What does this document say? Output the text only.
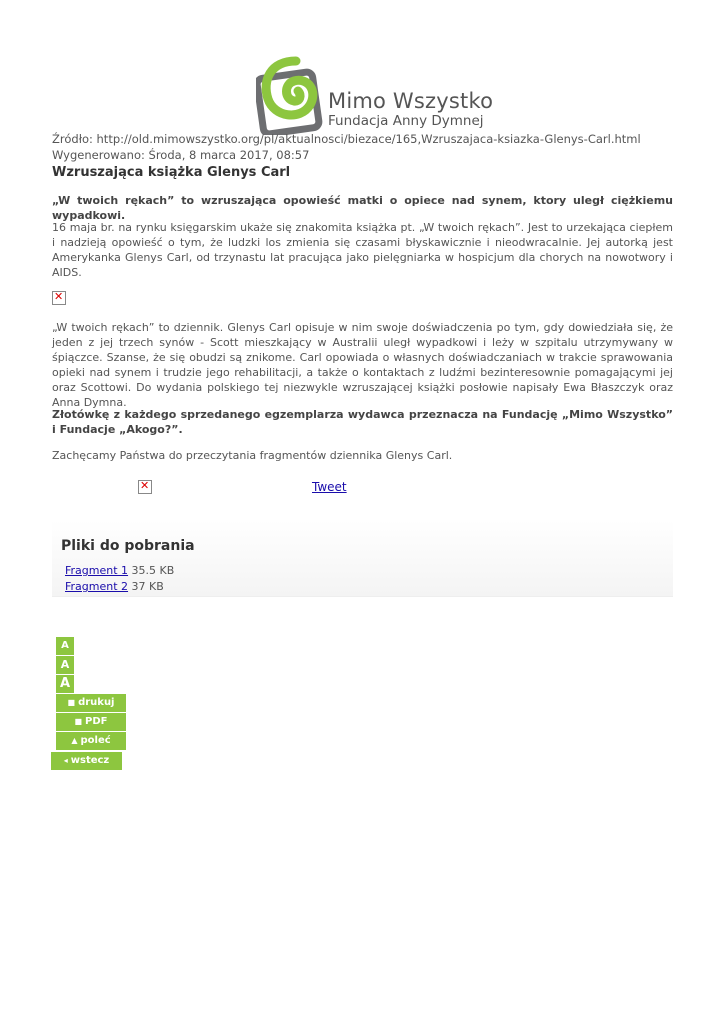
Mimo Wszystko
Fundacja Anny Dymnej
Źródło: http://old.mimowszystko.org/pl/aktualnosci/biezace/165,Wzruszajaca-ksiazka-Glenys-Carl.html
Wygenerowano: Środa, 8 marca 2017, 08:57
Wzruszająca książka Glenys Carl
„W twoich rękach” to wzruszająca opowieść matki o opiece nad synem, ktory uległ ciężkiemu wypadkowi.
16 maja br. na rynku księgarskim ukaże się znakomita książka pt. „W twoich rękach”. Jest to urzekająca ciepłem i nadzieją opowieść o tym, że ludzki los zmienia się czasami błyskawicznie i nieodwracalnie. Jej autorką jest Amerykanka Glenys Carl, od trzynastu lat pracująca jako pielęgniarka w hospicjum dla chorych na nowotwory i AIDS.
✕
„W twoich rękach” to dziennik. Glenys Carl opisuje w nim swoje doświadczenia po tym, gdy dowiedziała się, że jeden z jej trzech synów - Scott mieszkający w Australii uległ wypadkowi i leży w szpitalu utrzymywany w śpiączce. Szanse, że się obudzi są znikome. Carl opowiada o własnych doświadczaniach w trakcie sprawowania opieki nad synem i trudzie jego rehabilitacji, a także o kontaktach z ludźmi bezinteresownie pomagającymi jej oraz Scottowi. Do wydania polskiego tej niezwykle wzruszającej książki posłowie napisały Ewa Błaszczyk oraz Anna Dymna.
Złotówkę z każdego sprzedanego egzemplarza wydawca przeznacza na Fundację „Mimo Wszystko” i Fundacje „Akogo?”.
Zachęcamy Państwa do przeczytania fragmentów dziennika Glenys Carl.
✕
Tweet
Pliki do pobrania
Fragment 1 35.5 KB
Fragment 2 37 KB
A
A
A
■ drukuj
■ PDF
▲ poleć
◂ wstecz
